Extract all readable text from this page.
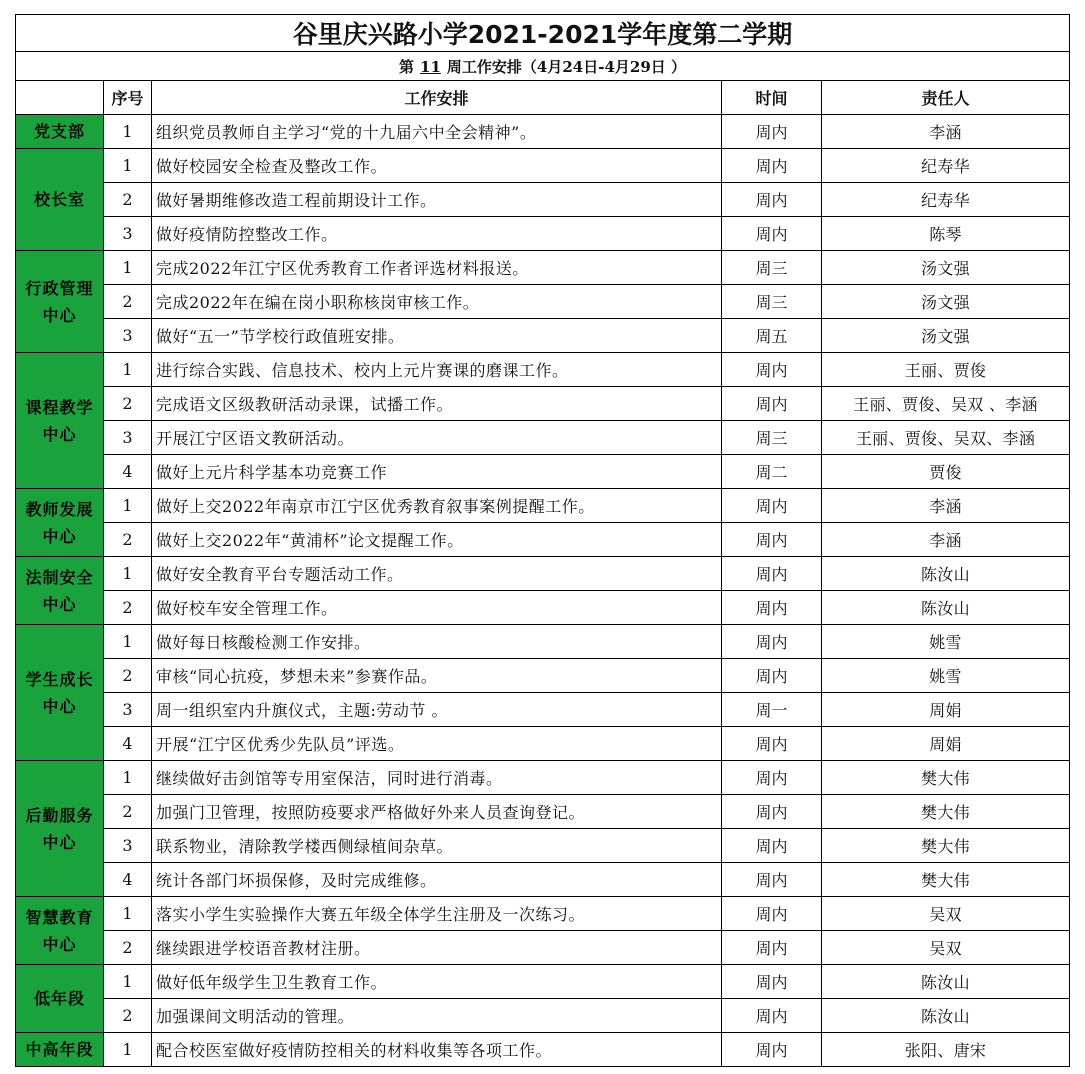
谷里庆兴路小学2021-2021学年度第二学期				
第 11 周工作安排（4月24日-4月29日 ）				
	序号	工作安排	时间	责任人
党支部	1	组织党员教师自主学习“党的十九届六中全会精神”。	周内	李涵
校长室	1	做好校园安全检查及整改工作。	周内	纪寿华
	2	做好暑期维修改造工程前期设计工作。	周内	纪寿华
	3	做好疫情防控整改工作。	周内	陈琴
行政管理中心	1	完成2022年江宁区优秀教育工作者评选材料报送。	周三	汤文强
	2	完成2022年在编在岗小职称核岗审核工作。	周三	汤文强
	3	做好“五一”节学校行政值班安排。	周五	汤文强
课程教学中心	1	进行综合实践、信息技术、校内上元片赛课的磨课工作。	周内	王丽、贾俊
	2	完成语文区级教研活动录课，试播工作。	周内	王丽、贾俊、吴双 、李涵
	3	开展江宁区语文教研活动。	周三	王丽、贾俊、吴双、李涵
	4	做好上元片科学基本功竞赛工作	周二	贾俊
教师发展中心	1	做好上交2022年南京市江宁区优秀教育叙事案例提醒工作。	周内	李涵
	2	做好上交2022年“黄浦杯”论文提醒工作。	周内	李涵
法制安全中心	1	做好安全教育平台专题活动工作。	周内	陈汝山
	2	做好校车安全管理工作。	周内	陈汝山
学生成长中心	1	做好每日核酸检测工作安排。	周内	姚雪
	2	审核“同心抗疫，梦想未来”参赛作品。	周内	姚雪
	3	周一组织室内升旗仪式，主题:劳动节 。	周一	周娟
	4	开展“江宁区优秀少先队员”评选。	周内	周娟
后勤服务中心	1	继续做好击剑馆等专用室保洁，同时进行消毒。	周内	樊大伟
	2	加强门卫管理，按照防疫要求严格做好外来人员查询登记。	周内	樊大伟
	3	联系物业，清除教学楼西侧绿植间杂草。	周内	樊大伟
	4	统计各部门坏损保修，及时完成维修。	周内	樊大伟
智慧教育中心	1	落实小学生实验操作大赛五年级全体学生注册及一次练习。	周内	吴双
	2	继续跟进学校语音教材注册。	周内	吴双
低年段	1	做好低年级学生卫生教育工作。	周内	陈汝山
	2	加强课间文明活动的管理。	周内	陈汝山
中高年段	1	配合校医室做好疫情防控相关的材料收集等各项工作。	周内	张阳、唐宋
